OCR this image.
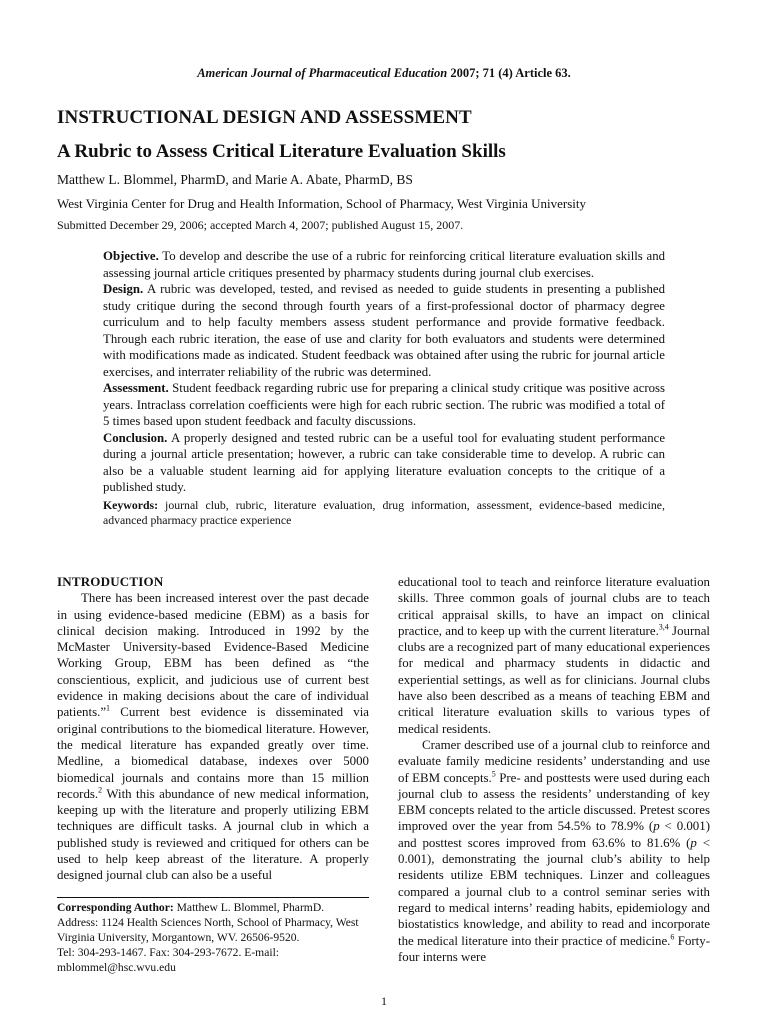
American Journal of Pharmaceutical Education 2007; 71 (4) Article 63.
INSTRUCTIONAL DESIGN AND ASSESSMENT
A Rubric to Assess Critical Literature Evaluation Skills
Matthew L. Blommel, PharmD, and Marie A. Abate, PharmD, BS
West Virginia Center for Drug and Health Information, School of Pharmacy, West Virginia University
Submitted December 29, 2006; accepted March 4, 2007; published August 15, 2007.

Objective. To develop and describe the use of a rubric for reinforcing critical literature evaluation skills and assessing journal article critiques presented by pharmacy students during journal club exercises.

Design. A rubric was developed, tested, and revised as needed to guide students in presenting a published study critique during the second through fourth years of a first-professional doctor of pharmacy degree curriculum and to help faculty members assess student performance and provide formative feedback. Through each rubric iteration, the ease of use and clarity for both evaluators and students were determined with modifications made as indicated. Student feedback was obtained after using the rubric for journal article exercises, and interrater reliability of the rubric was determined.

Assessment. Student feedback regarding rubric use for preparing a clinical study critique was positive across years. Intraclass correlation coefficients were high for each rubric section. The rubric was modified a total of 5 times based upon student feedback and faculty discussions.

Conclusion. A properly designed and tested rubric can be a useful tool for evaluating student performance during a journal article presentation; however, a rubric can take considerable time to develop. A rubric can also be a valuable student learning aid for applying literature evaluation concepts to the critique of a published study.

Keywords: journal club, rubric, literature evaluation, drug information, assessment, evidence-based medicine, advanced pharmacy practice experience

INTRODUCTION

There has been increased interest over the past decade in using evidence-based medicine (EBM) as a basis for clinical decision making. Introduced in 1992 by the McMaster University-based Evidence-Based Medicine Working Group, EBM has been defined as “the conscientious, explicit, and judicious use of current best evidence in making decisions about the care of individual patients.”$^1$ Current best evidence is disseminated via original contributions to the biomedical literature. However, the medical literature has expanded greatly over time. Medline, a biomedical database, indexes over 5000 biomedical journals and contains more than 15 million records.$^2$ With this abundance of new medical information, keeping up with the literature and properly utilizing EBM techniques are difficult tasks. A journal club in which a published study is reviewed and critiqued for others can be used to help keep abreast of the literature. A properly designed journal club can also be a useful

Corresponding Author: Matthew L. Blommel, PharmD.
Address: 1124 Health Sciences North, School of Pharmacy, West Virginia University, Morgantown, WV. 26506-9520.
Tel: 304-293-1467. Fax: 304-293-7672. E-mail:
mblommel@hsc.wvu.edu

educational tool to teach and reinforce literature evaluation skills. Three common goals of journal clubs are to teach critical appraisal skills, to have an impact on clinical practice, and to keep up with the current literature.$^{3,4}$ Journal clubs are a recognized part of many educational experiences for medical and pharmacy students in didactic and experiential settings, as well as for clinicians. Journal clubs have also been described as a means of teaching EBM and critical literature evaluation skills to various types of medical residents.

Cramer described use of a journal club to reinforce and evaluate family medicine residents’ understanding and use of EBM concepts.$^5$ Pre- and posttests were used during each journal club to assess the residents’ understanding of key EBM concepts related to the article discussed. Pretest scores improved over the year from 54.5% to 78.9% (p < 0.001) and posttest scores improved from 63.6% to 81.6% (p < 0.001), demonstrating the journal club’s ability to help residents utilize EBM techniques. Linzer and colleagues compared a journal club to a control seminar series with regard to medical interns’ reading habits, epidemiology and biostatistics knowledge, and ability to read and incorporate the medical literature into their practice of medicine.$^6$ Forty-four interns were

1
